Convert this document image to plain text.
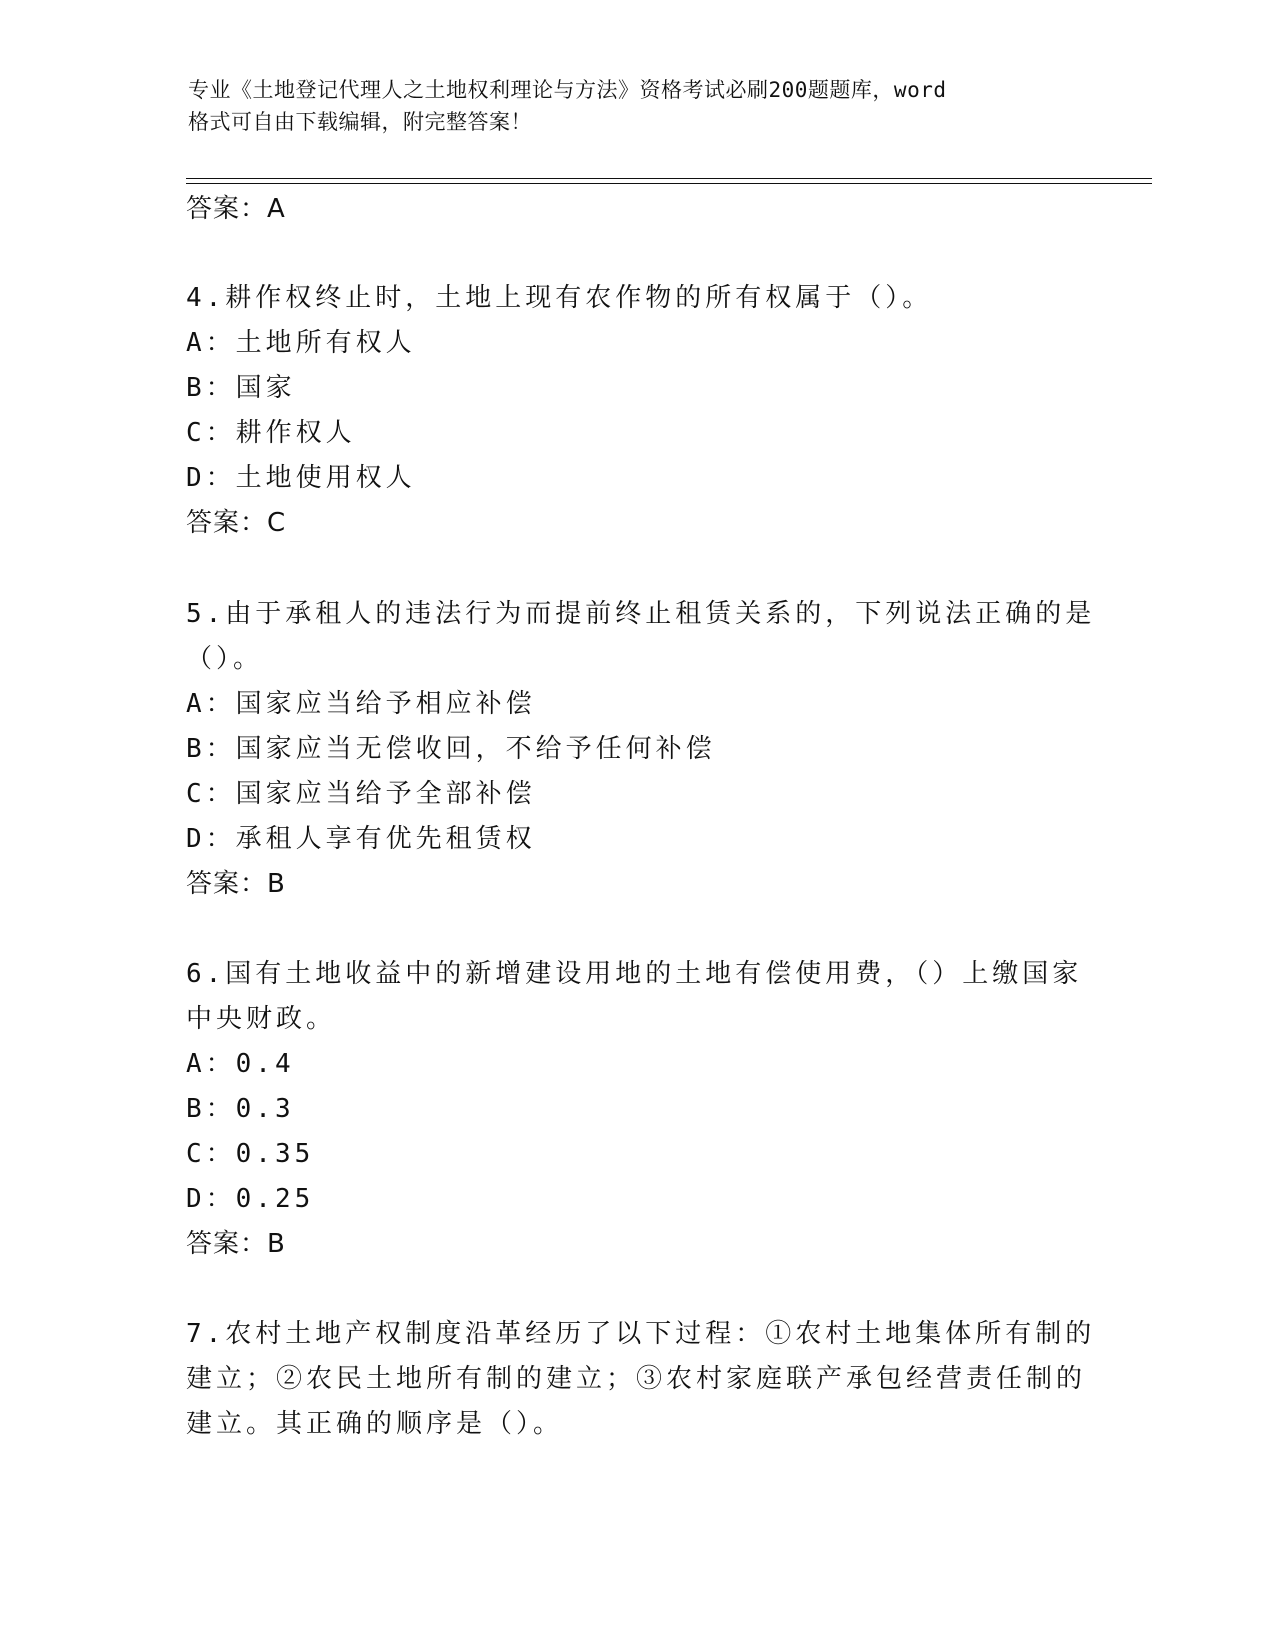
专业《土地登记代理人之土地权利理论与方法》资格考试必刷200题题库，word
格式可自由下载编辑，附完整答案！
答案：A
4.耕作权终止时，土地上现有农作物的所有权属于（）。
A：土地所有权人
B：国家
C：耕作权人
D：土地使用权人
答案：C
5.由于承租人的违法行为而提前终止租赁关系的，下列说法正确的是
（）。
A：国家应当给予相应补偿
B：国家应当无偿收回，不给予任何补偿
C：国家应当给予全部补偿
D：承租人享有优先租赁权
答案：B
6.国有土地收益中的新增建设用地的土地有偿使用费，（）上缴国家
中央财政。
A：0.4
B：0.3
C：0.35
D：0.25
答案：B
7.农村土地产权制度沿革经历了以下过程：①农村土地集体所有制的
建立；②农民土地所有制的建立；③农村家庭联产承包经营责任制的
建立。其正确的顺序是（）。
